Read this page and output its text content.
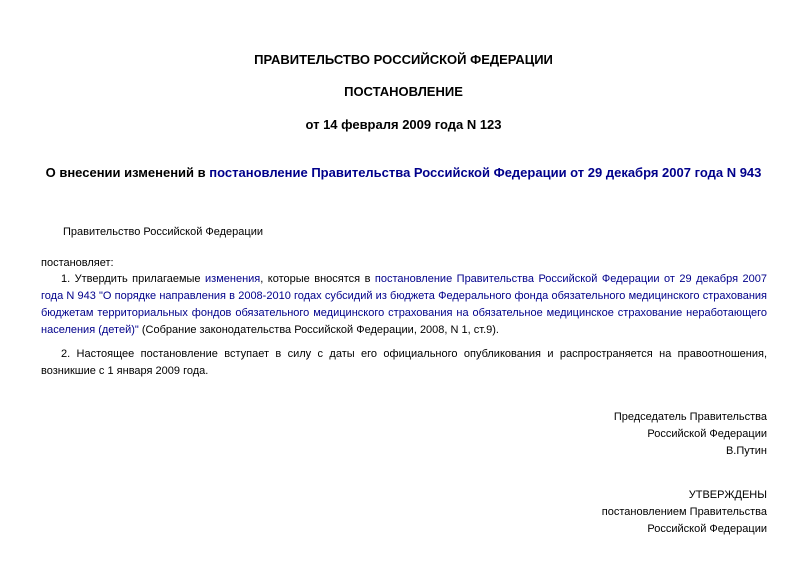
ПРАВИТЕЛЬСТВО РОССИЙСКОЙ ФЕДЕРАЦИИ

ПОСТАНОВЛЕНИЕ

от 14 февраля 2009 года N 123

О внесении изменений в постановление Правительства Российской Федерации от 29 декабря 2007 года N 943

Правительство Российской Федерации

постановляет:

1. Утвердить прилагаемые изменения, которые вносятся в постановление Правительства Российской Федерации от 29 декабря 2007 года N 943 "О порядке направления в 2008-2010 годах субсидий из бюджета Федерального фонда обязательного медицинского страхования бюджетам территориальных фондов обязательного медицинского страхования на обязательное медицинское страхование неработающего населения (детей)" (Собрание законодательства Российской Федерации, 2008, N 1, ст.9).

2. Настоящее постановление вступает в силу с даты его официального опубликования и распространяется на правоотношения, возникшие с 1 января 2009 года.

Председатель Правительства
Российской Федерации
В.Путин
УТВЕРЖДЕНЫ
постановлением Правительства
Российской Федерации
